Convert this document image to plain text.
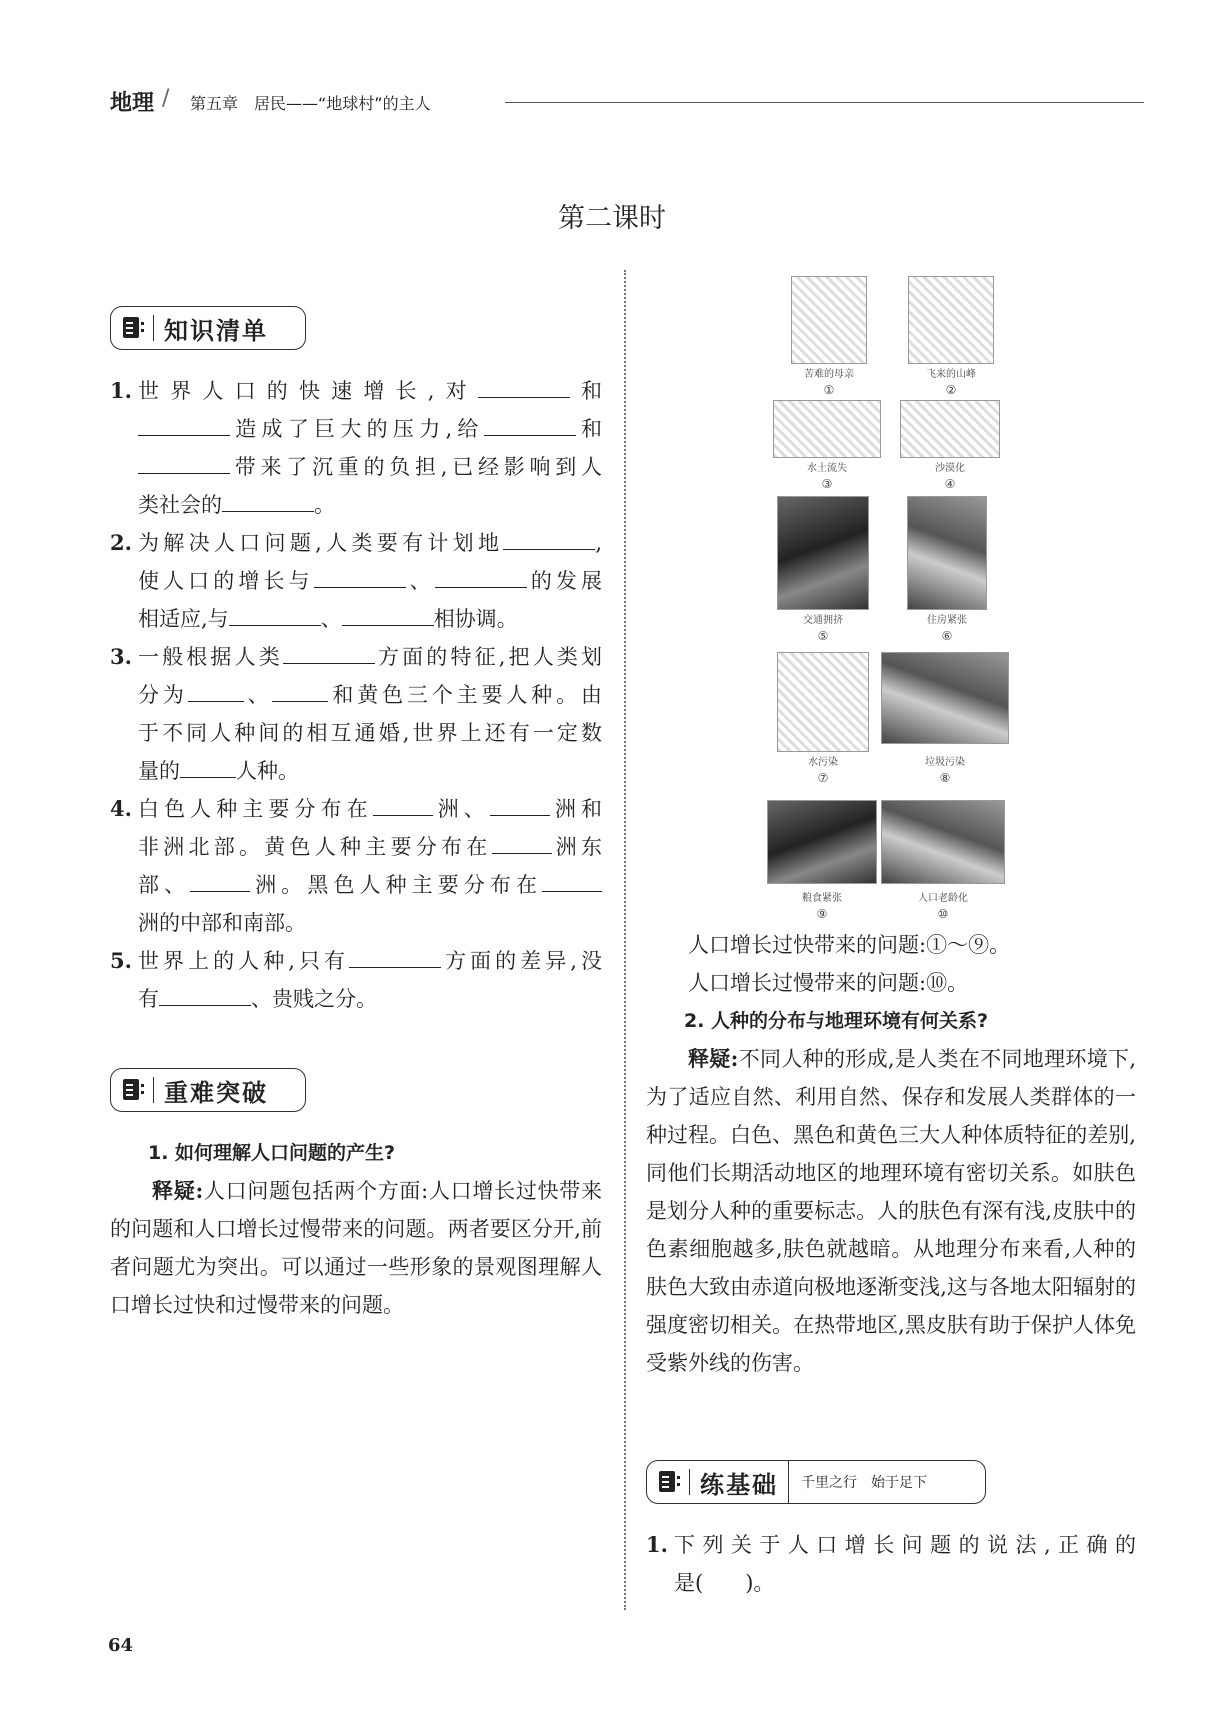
地理 / 第五章　居民——“地球村”的主人
第二课时
知识清单
1. 世界人口的快速增长,对	和
造成了巨大的压力,给	和
带来了沉重的负担,已经影响到人
类社会的	。
2. 为解决人口问题,人类要有计划地	,
使人口的增长与	、	的发展
相适应,与	、	相协调。
3. 一般根据人类	方面的特征,把人类划
分为	、	和黄色三个主要人种。由
于不同人种间的相互通婚,世界上还有一定数
量的	人种。
4. 白色人种主要分布在	洲、	洲和
非洲北部。黄色人种主要分布在	洲东
部、	洲。黑色人种主要分布在
洲的中部和南部。
5. 世界上的人种,只有	方面的差异,没
有	、贵贱之分。
重难突破
1. 如何理解人口问题的产生?
释疑:人口问题包括两个方面:人口增长过快带来的问题和人口增长过慢带来的问题。两者要区分开,前者问题尤为突出。可以通过一些形象的景观图理解人口增长过快和过慢带来的问题。
苦难的母亲
①
飞来的山峰
②
水土流失
③
沙漠化
④
交通拥挤
⑤
住房紧张
⑥
水污染
⑦
垃圾污染
⑧
粮食紧张
⑨
人口老龄化
⑩
人口增长过快带来的问题:①～⑨。
人口增长过慢带来的问题:⑩。
2. 人种的分布与地理环境有何关系?
释疑:不同人种的形成,是人类在不同地理环境下,为了适应自然、利用自然、保存和发展人类群体的一种过程。白色、黑色和黄色三大人种体质特征的差别,同他们长期活动地区的地理环境有密切关系。如肤色是划分人种的重要标志。人的肤色有深有浅,皮肤中的色素细胞越多,肤色就越暗。从地理分布来看,人种的肤色大致由赤道向极地逐渐变浅,这与各地太阳辐射的强度密切相关。在热带地区,黑皮肤有助于保护人体免受紫外线的伤害。
练基础	千里之行　始于足下
1. 下列关于人口增长问题的说法,正确的
是(　　)。
64
